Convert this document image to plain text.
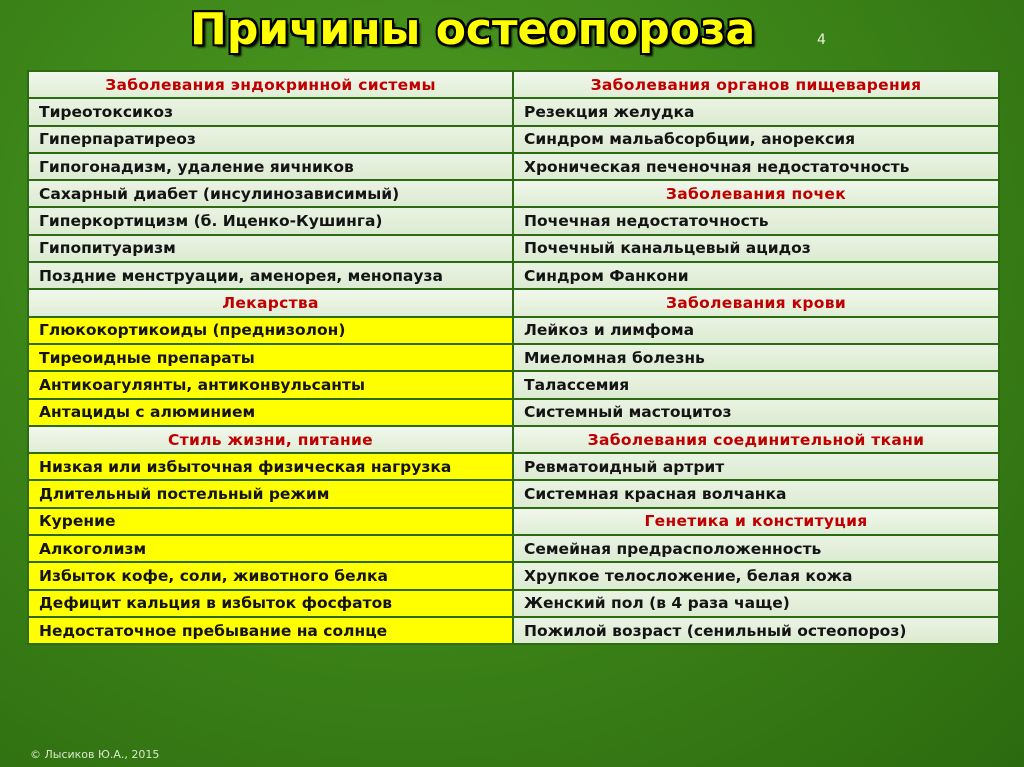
Причины остеопороза	4
Заболевания эндокринной системы	Заболевания органов пищеварения
Тиреотоксикоз	Резекция желудка
Гиперпаратиреоз	Синдром мальабсорбции, анорексия
Гипогонадизм, удаление яичников	Хроническая печеночная недостаточность
Сахарный диабет (инсулинозависимый)	Заболевания почек
Гиперкортицизм (б. Иценко-Кушинга)	Почечная недостаточность
Гипопитуаризм	Почечный канальцевый ацидоз
Поздние менструации, аменорея, менопауза	Синдром Фанкони
Лекарства	Заболевания крови
Глюкокортикоиды (преднизолон)	Лейкоз и лимфома
Тиреоидные препараты	Миеломная болезнь
Антикоагулянты, антиконвульсанты	Талассемия
Антациды с алюминием	Системный мастоцитоз
Стиль жизни, питание	Заболевания соединительной ткани
Низкая или избыточная физическая нагрузка	Ревматоидный артрит
Длительный постельный режим	Системная красная волчанка
Курение	Генетика и конституция
Алкоголизм	Семейная предрасположенность
Избыток кофе, соли, животного белка	Хрупкое телосложение, белая кожа
Дефицит кальция в избыток фосфатов	Женский пол (в 4 раза чаще)
Недостаточное пребывание на солнце	Пожилой возраст (сенильный остеопороз)
© Лысиков Ю.А., 2015
